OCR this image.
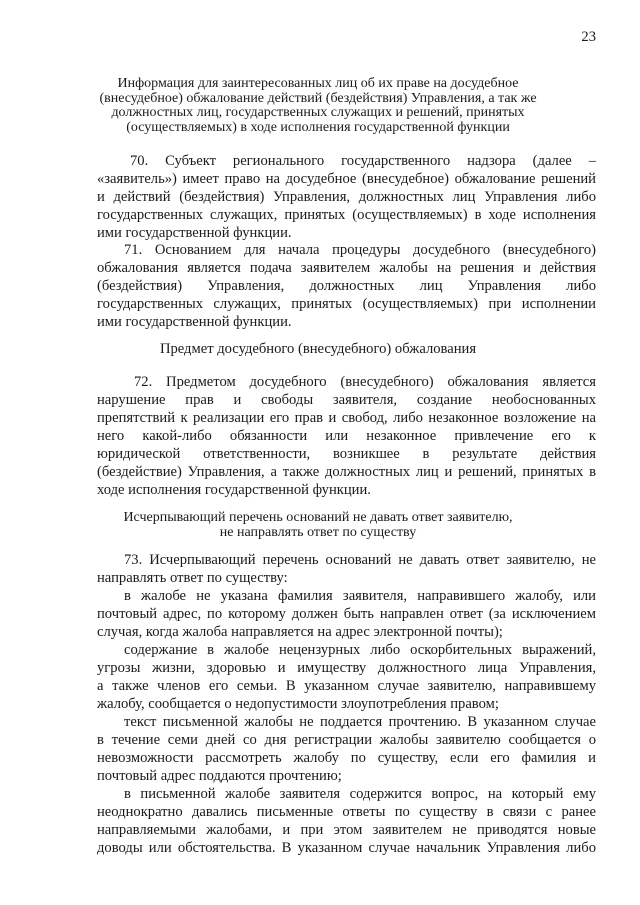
23
Информация для заинтересованных лиц об их праве на досудебное
(внесудебное) обжалование действий (бездействия) Управления, а так же
должностных лиц, государственных служащих и решений, принятых
(осуществляемых) в ходе исполнения государственной функции
70. Субъект регионального государственного надзора (далее –
«заявитель») имеет право на досудебное (внесудебное) обжалование решений
и действий (бездействия) Управления, должностных лиц Управления либо
государственных служащих, принятых (осуществляемых) в ходе исполнения
ими государственной функции.
71. Основанием для начала процедуры досудебного (внесудебного)
обжалования является подача заявителем жалобы на решения и действия
(бездействия) Управления, должностных лиц Управления либо
государственных служащих, принятых (осуществляемых) при исполнении
ими государственной функции.
Предмет досудебного (внесудебного) обжалования
72. Предметом досудебного (внесудебного) обжалования является
нарушение прав и свободы заявителя, создание необоснованных
препятствий к реализации его прав и свобод, либо незаконное возложение на
него какой-либо обязанности или незаконное привлечение его к
юридической ответственности, возникшее в результате действия
(бездействие) Управления, а также должностных лиц и решений, принятых в
ходе исполнения государственной функции.
Исчерпывающий перечень оснований не давать ответ заявителю,
не направлять ответ по существу
73. Исчерпывающий перечень оснований не давать ответ заявителю, не
направлять ответ по существу:
в жалобе не указана фамилия заявителя, направившего жалобу, или
почтовый адрес, по которому должен быть направлен ответ (за исключением
случая, когда жалоба направляется на адрес электронной почты);
содержание в жалобе нецензурных либо оскорбительных выражений,
угрозы жизни, здоровью и имуществу должностного лица Управления,
а также членов его семьи. В указанном случае заявителю, направившему
жалобу, сообщается о недопустимости злоупотребления правом;
текст письменной жалобы не поддается прочтению. В указанном случае
в течение семи дней со дня регистрации жалобы заявителю сообщается о
невозможности рассмотреть жалобу по существу, если его фамилия и
почтовый адрес поддаются прочтению;
в письменной жалобе заявителя содержится вопрос, на который ему
неоднократно давались письменные ответы по существу в связи с ранее
направляемыми жалобами, и при этом заявителем не приводятся новые
доводы или обстоятельства. В указанном случае начальник Управления либо
